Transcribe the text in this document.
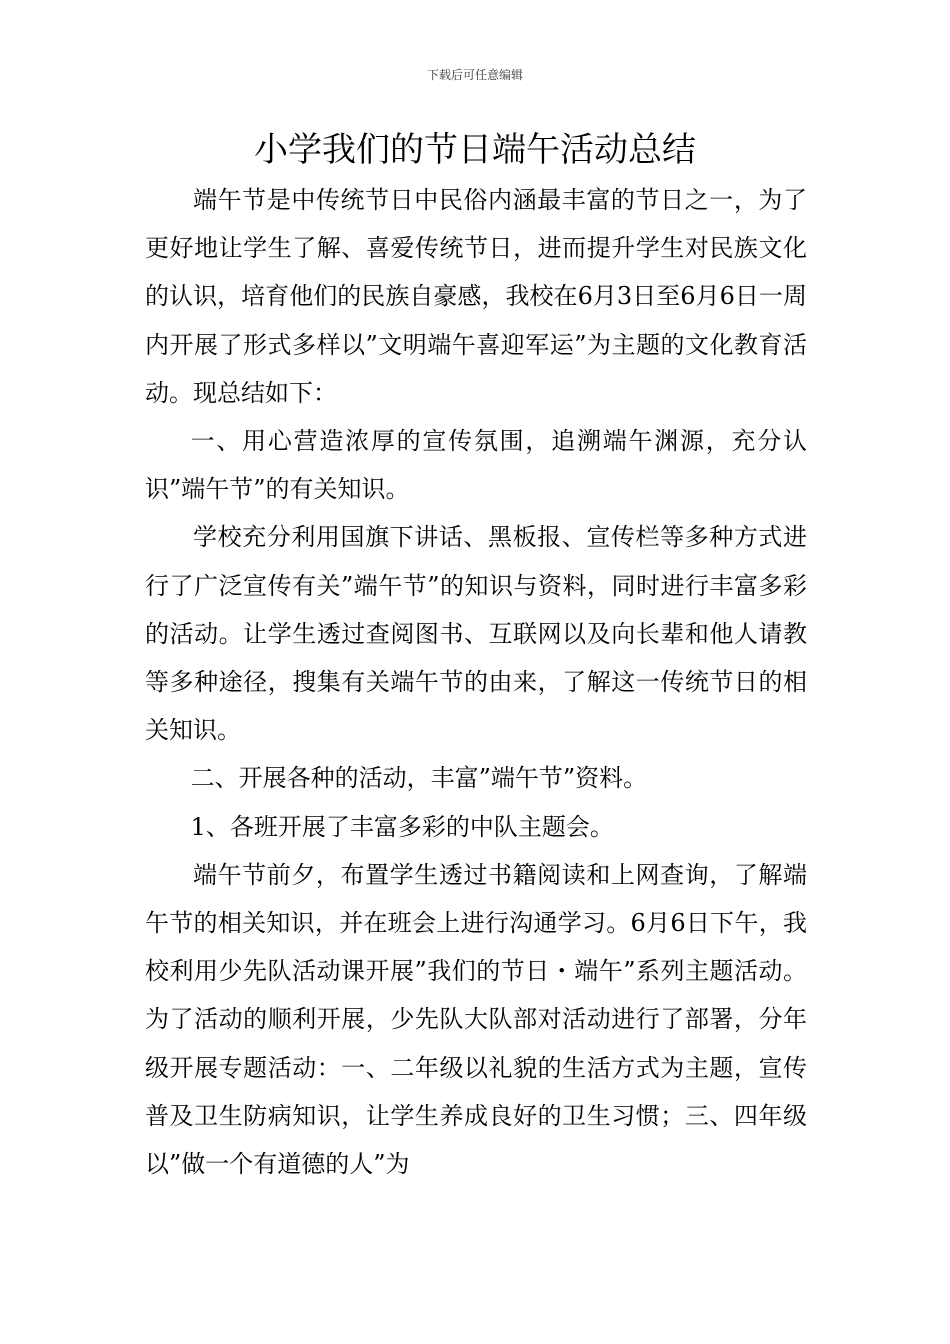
下载后可任意编辑
小学我们的节日端午活动总结

端午节是中传统节日中民俗内涵最丰富的节日之一，为了更好地让学生了解、喜爱传统节日，进而提升学生对民族文化的认识，培育他们的民族自豪感，我校在6月3日至6月6日一周内开展了形式多样以”文明端午喜迎军运”为主题的文化教育活动。现总结如下：

一、用心营造浓厚的宣传氛围，追溯端午渊源，充分认识”端午节”的有关知识。

学校充分利用国旗下讲话、黑板报、宣传栏等多种方式进行了广泛宣传有关”端午节”的知识与资料，同时进行丰富多彩的活动。让学生透过查阅图书、互联网以及向长辈和他人请教等多种途径，搜集有关端午节的由来，了解这一传统节日的相关知识。

二、开展各种的活动，丰富”端午节”资料。

1、各班开展了丰富多彩的中队主题会。

端午节前夕，布置学生透过书籍阅读和上网查询，了解端午节的相关知识，并在班会上进行沟通学习。6月6日下午，我校利用少先队活动课开展”我们的节日・端午”系列主题活动。为了活动的顺利开展，少先队大队部对活动进行了部署，分年级开展专题活动：一、二年级以礼貌的生活方式为主题，宣传普及卫生防病知识，让学生养成良好的卫生习惯；三、四年级以”做一个有道德的人”为
